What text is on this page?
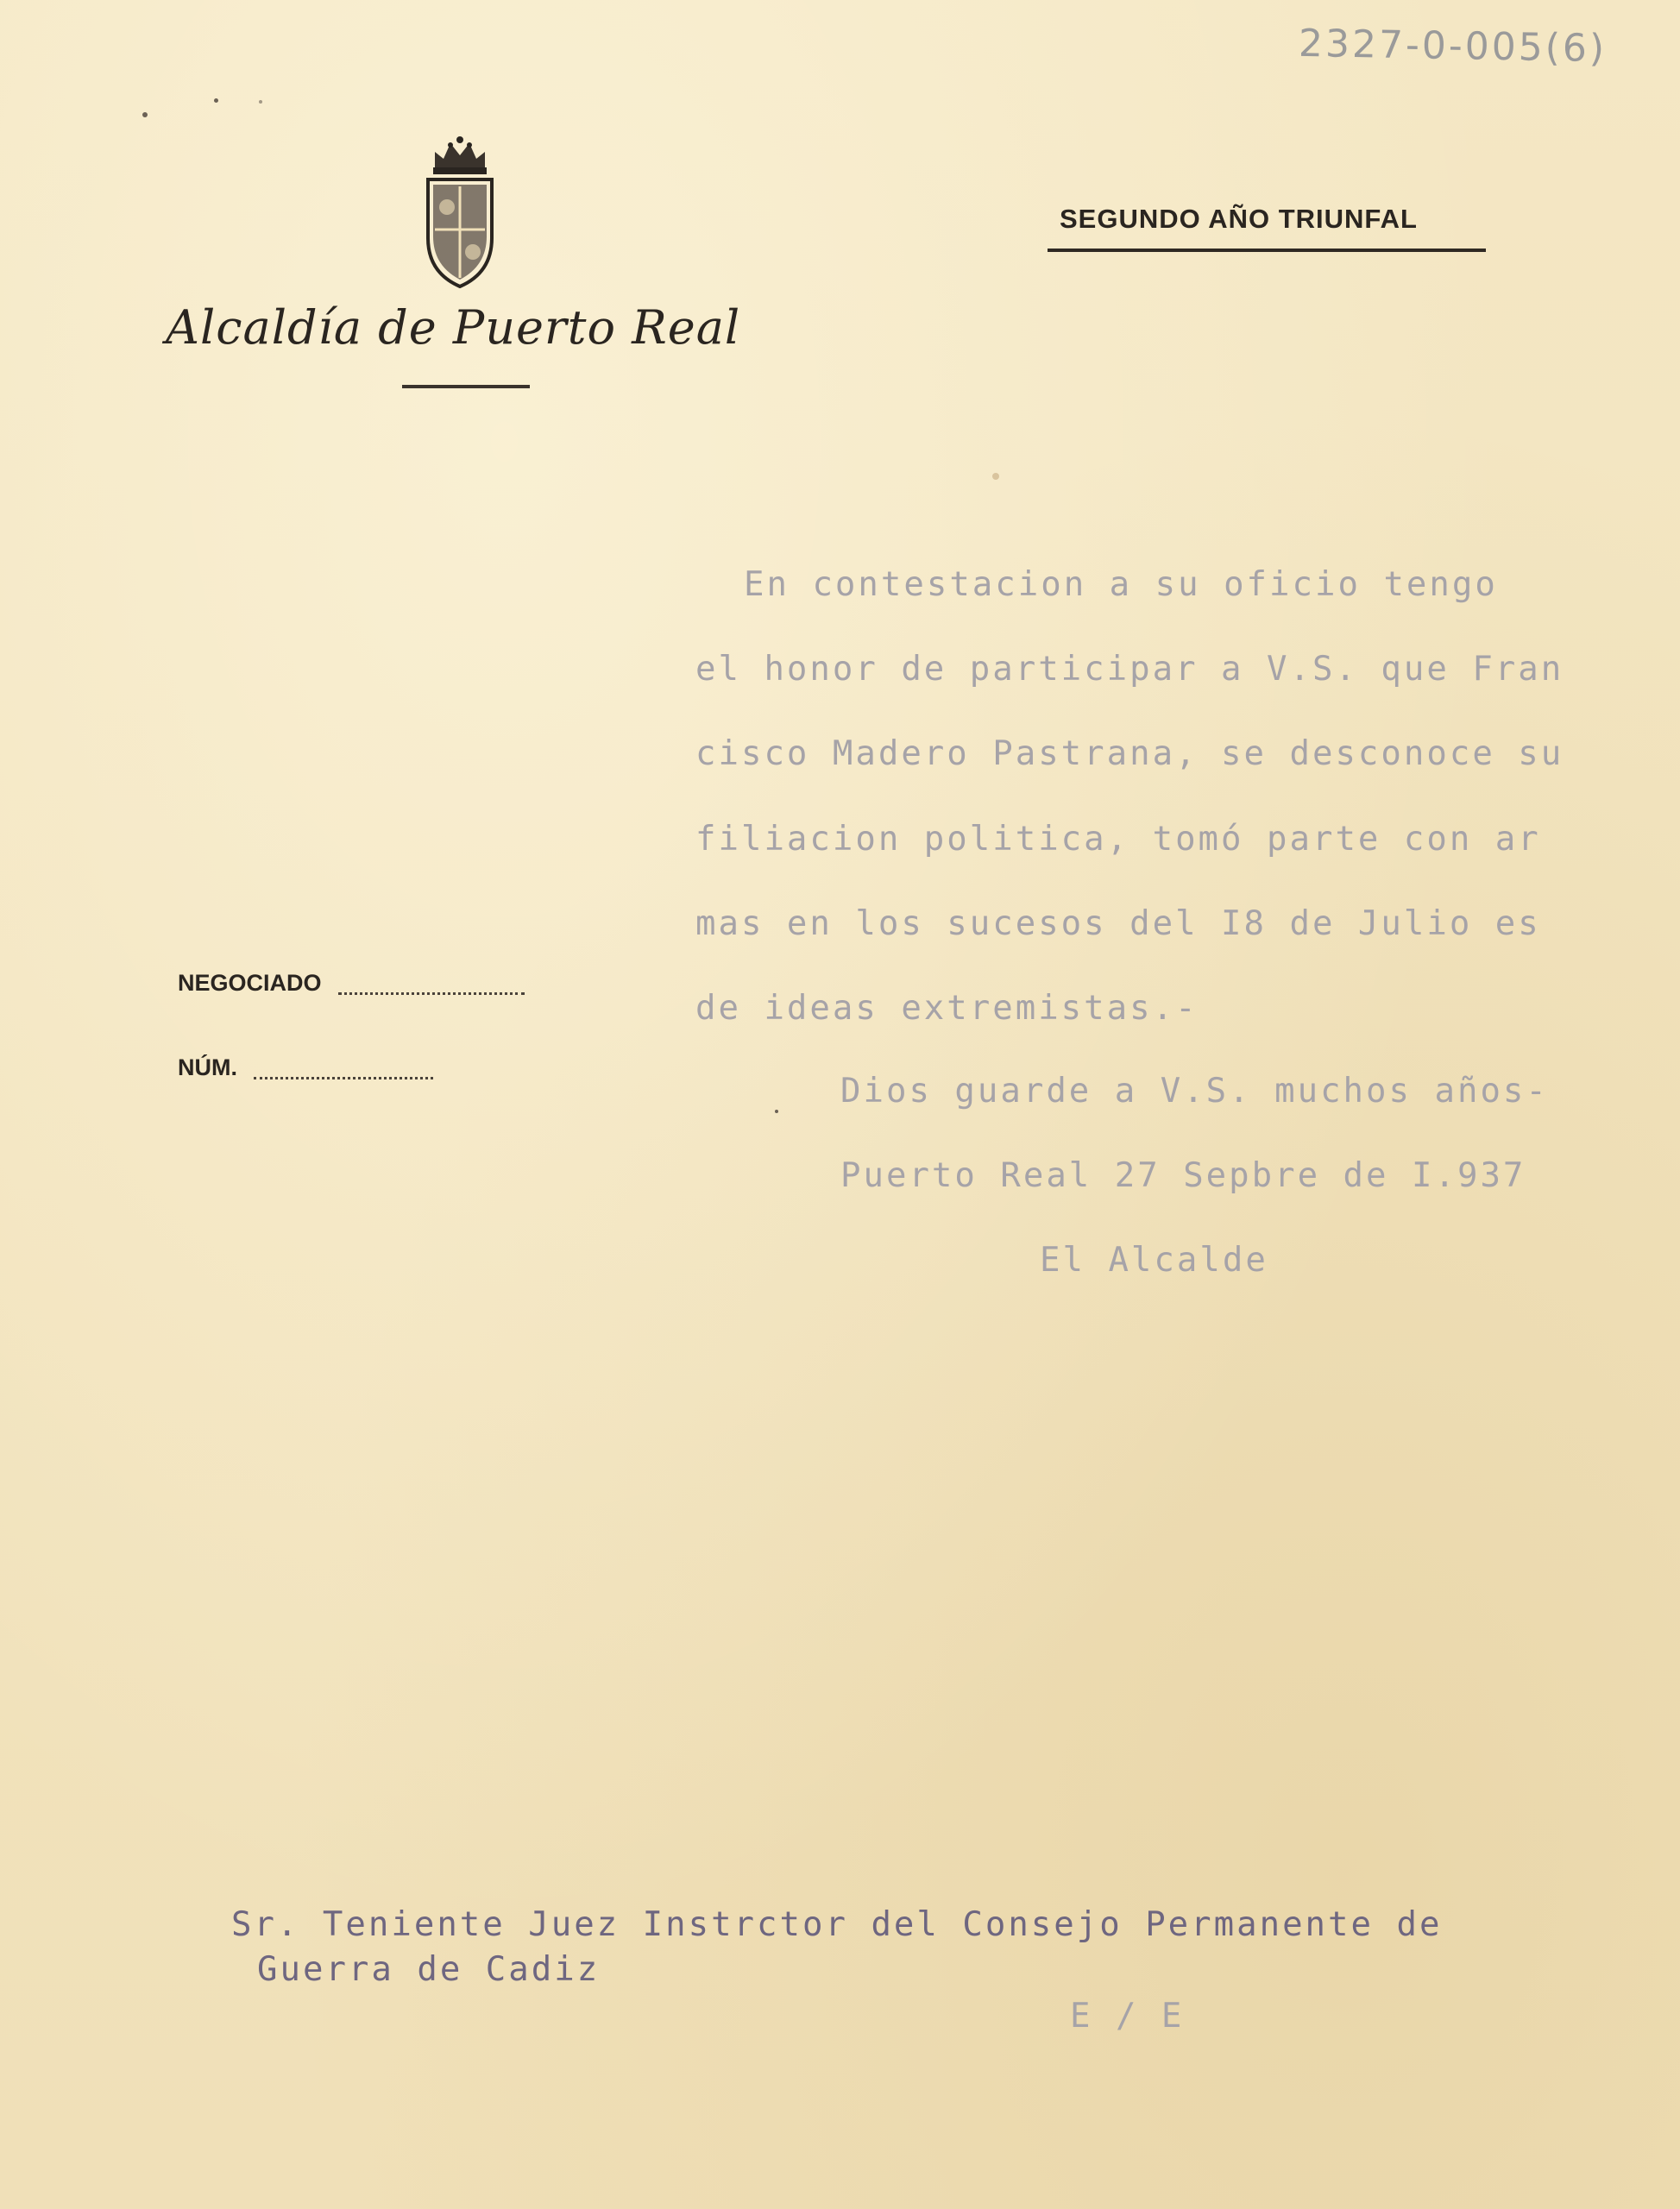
2327-0-005(6)
Alcaldía de Puerto Real
SEGUNDO AÑO TRIUNFAL
NEGOCIADO
NÚM.
En contestacion a su oficio tengo
el honor de participar a V.S. que Fran
cisco Madero Pastrana, se desconoce su
filiacion politica, tomó parte con ar
mas en los sucesos del I8 de Julio es
de ideas extremistas.-
Dios guarde a V.S. muchos años-
Puerto Real 27 Sepbre de I.937
El Alcalde
Sr. Teniente Juez Instrctor del Consejo Permanente de
Guerra de Cadiz
E / E
